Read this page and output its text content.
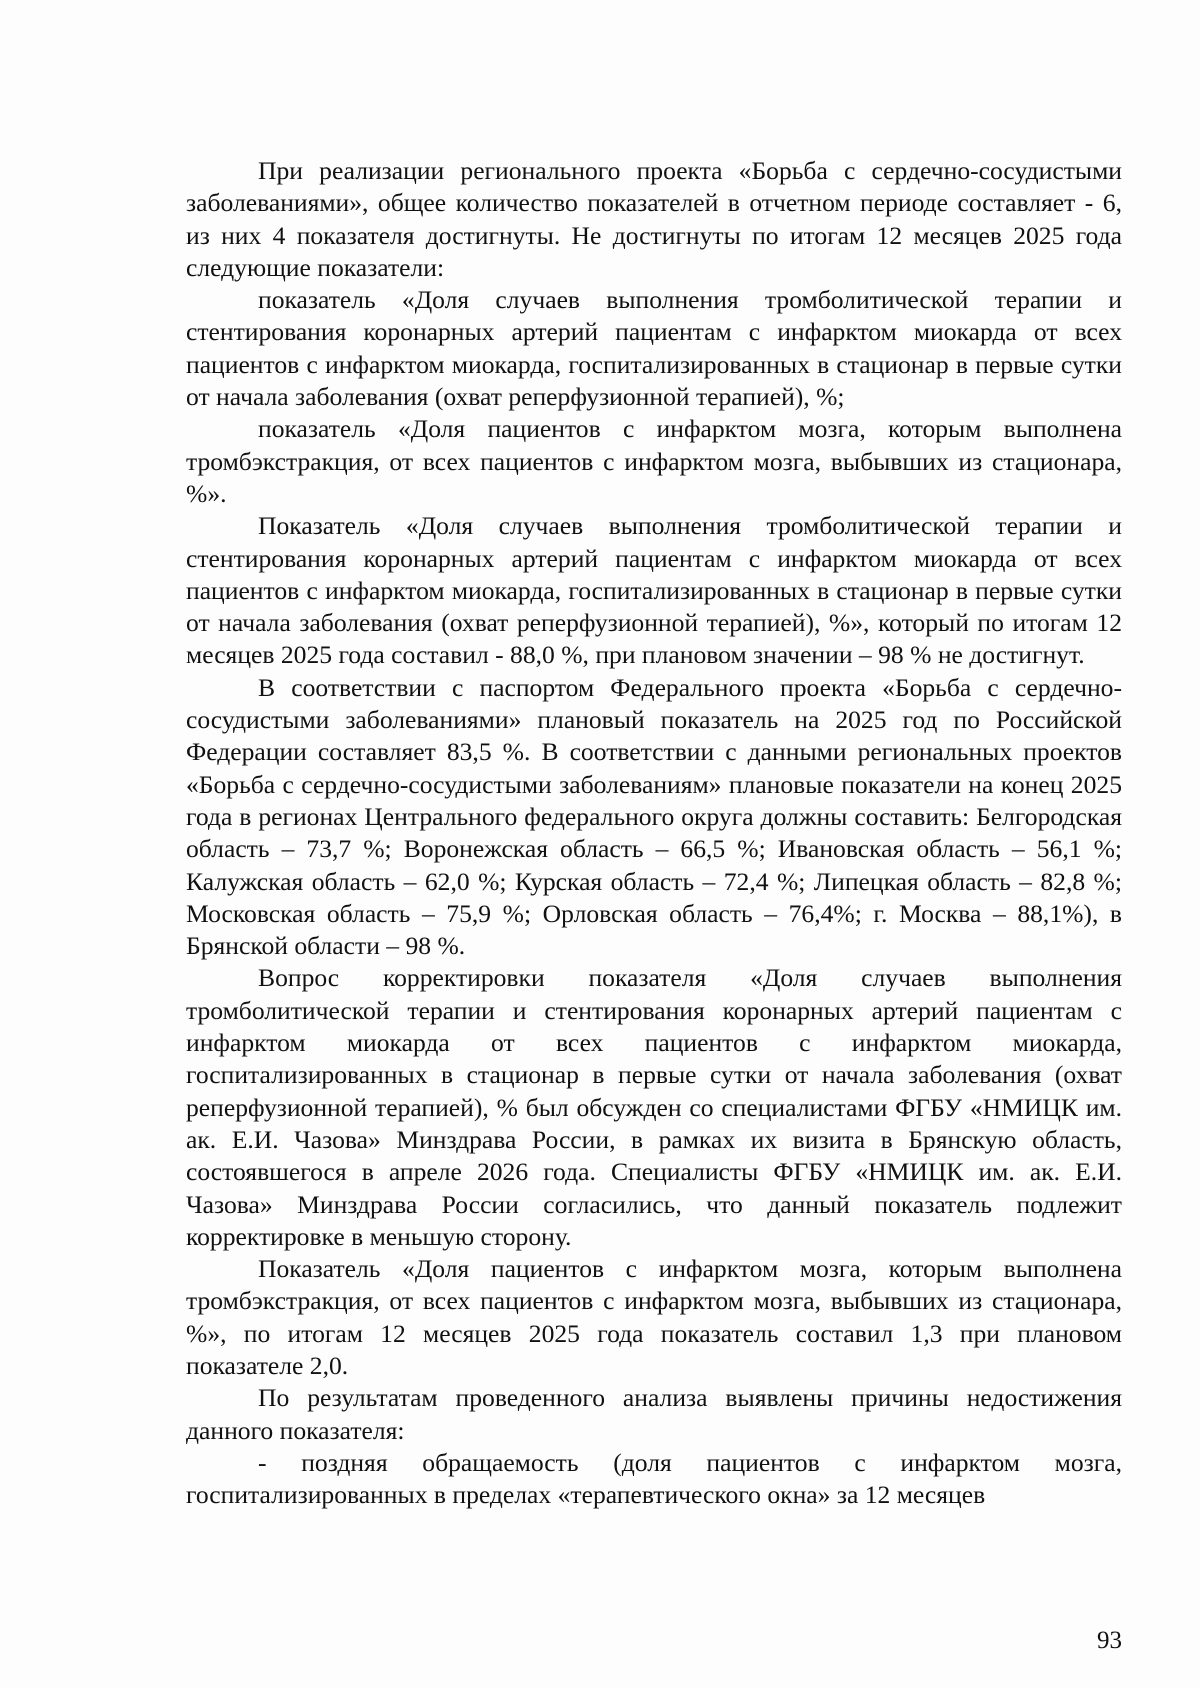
При реализации регионального проекта «Борьба с сердечно-сосудистыми заболеваниями», общее количество показателей в отчетном периоде составляет - 6, из них 4 показателя достигнуты. Не достигнуты по итогам 12 месяцев 2025 года следующие показатели:

показатель «Доля случаев выполнения тромболитической терапии и стентирования коронарных артерий пациентам с инфарктом миокарда от всех пациентов с инфарктом миокарда, госпитализированных в стационар в первые сутки от начала заболевания (охват реперфузионной терапией), %;

показатель «Доля пациентов с инфарктом мозга, которым выполнена тромбэкстракция, от всех пациентов с инфарктом мозга, выбывших из стационара, %».

Показатель «Доля случаев выполнения тромболитической терапии и стентирования коронарных артерий пациентам с инфарктом миокарда от всех пациентов с инфарктом миокарда, госпитализированных в стационар в первые сутки от начала заболевания (охват реперфузионной терапией), %», который по итогам 12 месяцев 2025 года составил - 88,0 %, при плановом значении – 98 % не достигнут.

В соответствии с паспортом Федерального проекта «Борьба с сердечно-сосудистыми заболеваниями» плановый показатель на 2025 год по Российской Федерации составляет 83,5 %. В соответствии с данными региональных проектов «Борьба с сердечно-сосудистыми заболеваниям» плановые показатели на конец 2025 года в регионах Центрального федерального округа должны составить: Белгородская область – 73,7 %; Воронежская область – 66,5 %; Ивановская область – 56,1 %; Калужская область – 62,0 %; Курская область – 72,4 %; Липецкая область – 82,8 %; Московская область – 75,9 %; Орловская область – 76,4%; г. Москва – 88,1%), в Брянской области – 98 %.

Вопрос корректировки показателя «Доля случаев выполнения тромболитической терапии и стентирования коронарных артерий пациентам с инфарктом миокарда от всех пациентов с инфарктом миокарда, госпитализированных в стационар в первые сутки от начала заболевания (охват реперфузионной терапией), % был обсужден со специалистами ФГБУ «НМИЦК им. ак. Е.И. Чазова» Минздрава России, в рамках их визита в Брянскую область, состоявшегося в апреле 2026 года. Специалисты ФГБУ «НМИЦК им. ак. Е.И. Чазова» Минздрава России согласились, что данный показатель подлежит корректировке в меньшую сторону.

Показатель «Доля пациентов с инфарктом мозга, которым выполнена тромбэкстракция, от всех пациентов с инфарктом мозга, выбывших из стационара, %», по итогам 12 месяцев 2025 года показатель составил 1,3 при плановом показателе 2,0.

По результатам проведенного анализа выявлены причины недостижения данного показателя:

- поздняя обращаемость (доля пациентов с инфарктом мозга, госпитализированных в пределах «терапевтического окна» за 12 месяцев

93
